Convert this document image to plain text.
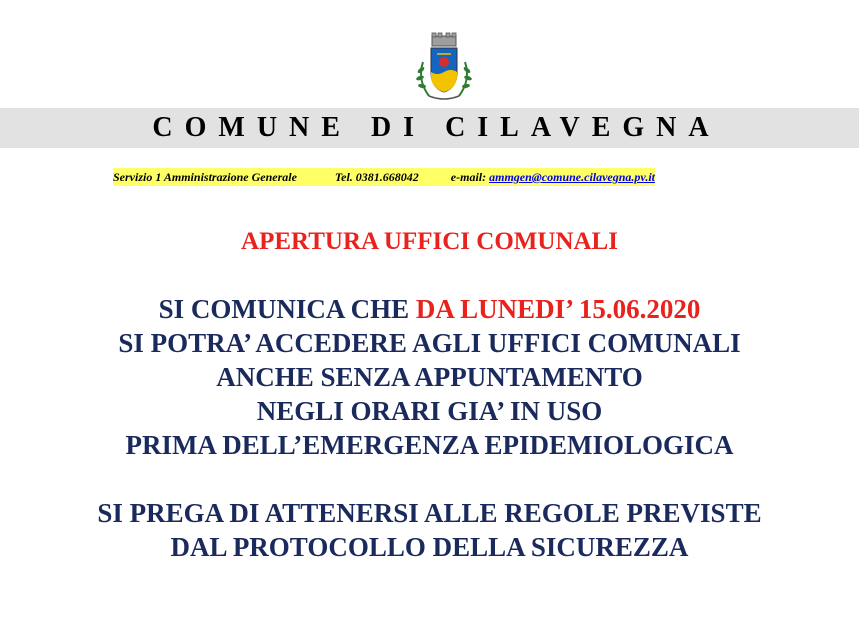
COMUNE DI CILAVEGNA
Servizio 1 Amministrazione Generale	Tel. 0381.668042	e-mail: ammgen@comune.cilavegna.pv.it
APERTURA UFFICI COMUNALI
SI COMUNICA CHE DA LUNEDI’ 15.06.2020
SI POTRA’ ACCEDERE AGLI UFFICI COMUNALI
ANCHE SENZA APPUNTAMENTO
NEGLI ORARI GIA’ IN USO
PRIMA DELL’EMERGENZA EPIDEMIOLOGICA
SI PREGA DI ATTENERSI ALLE REGOLE PREVISTE
DAL PROTOCOLLO DELLA SICUREZZA
